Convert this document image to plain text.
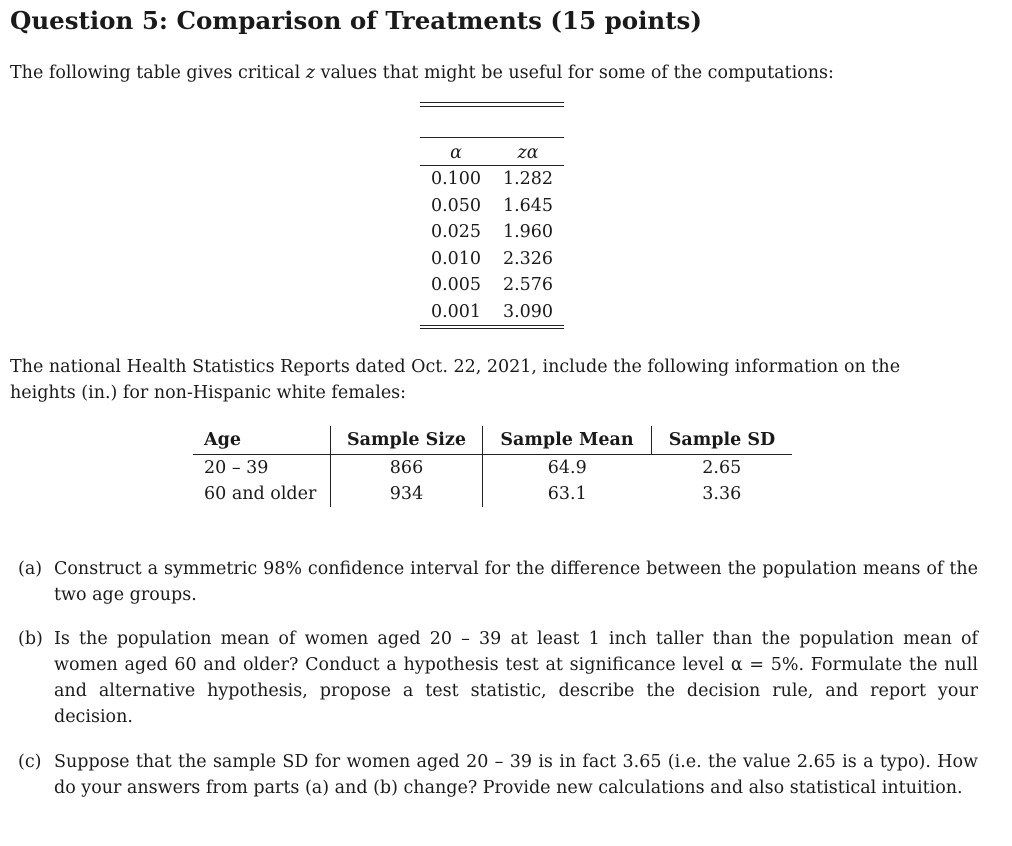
Question 5: Comparison of Treatments (15 points)
The following table gives critical z values that might be useful for some of the computations:
α	zα
0.100	1.282
0.050	1.645
0.025	1.960
0.010	2.326
0.005	2.576
0.001	3.090
The national Health Statistics Reports dated Oct. 22, 2021, include the following information on the
heights (in.) for non-Hispanic white females:
Age	Sample Size	Sample Mean	Sample SD
20 – 39	866	64.9	2.65
60 and older	934	63.1	3.36
(a) Construct a symmetric 98% confidence interval for the difference between the population means of the two age groups.
(b) Is the population mean of women aged 20 – 39 at least 1 inch taller than the population mean of women aged 60 and older? Conduct a hypothesis test at significance level α = 5%. Formulate the null and alternative hypothesis, propose a test statistic, describe the decision rule, and report your decision.
(c) Suppose that the sample SD for women aged 20 – 39 is in fact 3.65 (i.e. the value 2.65 is a typo). How do your answers from parts (a) and (b) change? Provide new calculations and also statistical intuition.
